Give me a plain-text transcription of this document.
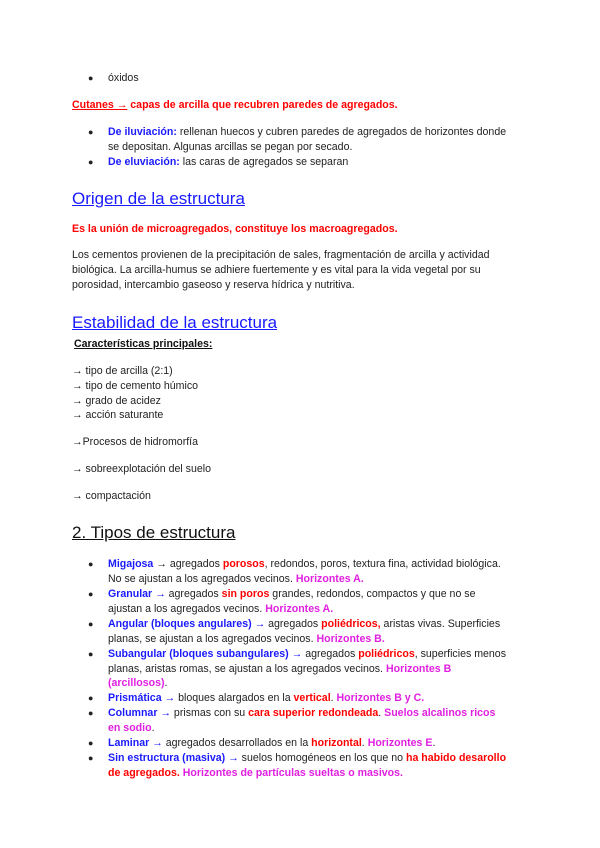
● óxidos
Cutanes → capas de arcilla que recubren paredes de agregados.
● De iluviación: rellenan huecos y cubren paredes de agregados de horizontes donde
se depositan. Algunas arcillas se pegan por secado.
● De eluviación: las caras de agregados se separan
Origen de la estructura
Es la unión de microagregados, constituye los macroagregados.
Los cementos provienen de la precipitación de sales, fragmentación de arcilla y actividad
biológica. La arcilla-humus se adhiere fuertemente y es vital para la vida vegetal por su
porosidad, intercambio gaseoso y reserva hídrica y nutritiva.
Estabilidad de la estructura
Características principales:
→ tipo de arcilla (2:1)
→ tipo de cemento húmico
→ grado de acidez
→ acción saturante
→Procesos de hidromorfía
→ sobreexplotación del suelo
→ compactación
2. Tipos de estructura
● Migajosa → agregados porosos, redondos, poros, textura fina, actividad biológica.
No se ajustan a los agregados vecinos. Horizontes A.
● Granular → agregados sin poros grandes, redondos, compactos y que no se
ajustan a los agregados vecinos. Horizontes A.
● Angular (bloques angulares) → agregados poliédricos, aristas vivas. Superficies
planas, se ajustan a los agregados vecinos. Horizontes B.
● Subangular (bloques subangulares) → agregados poliédricos, superficies menos
planas, aristas romas, se ajustan a los agregados vecinos. Horizontes B
(arcillosos).
● Prismática → bloques alargados en la vertical. Horizontes B y C.
● Columnar → prismas con su cara superior redondeada. Suelos alcalinos ricos
en sodio.
● Laminar → agregados desarrollados en la horizontal. Horizontes E.
● Sin estructura (masiva) → suelos homogéneos en los que no ha habido desarollo
de agregados. Horizontes de partículas sueltas o masivos.
